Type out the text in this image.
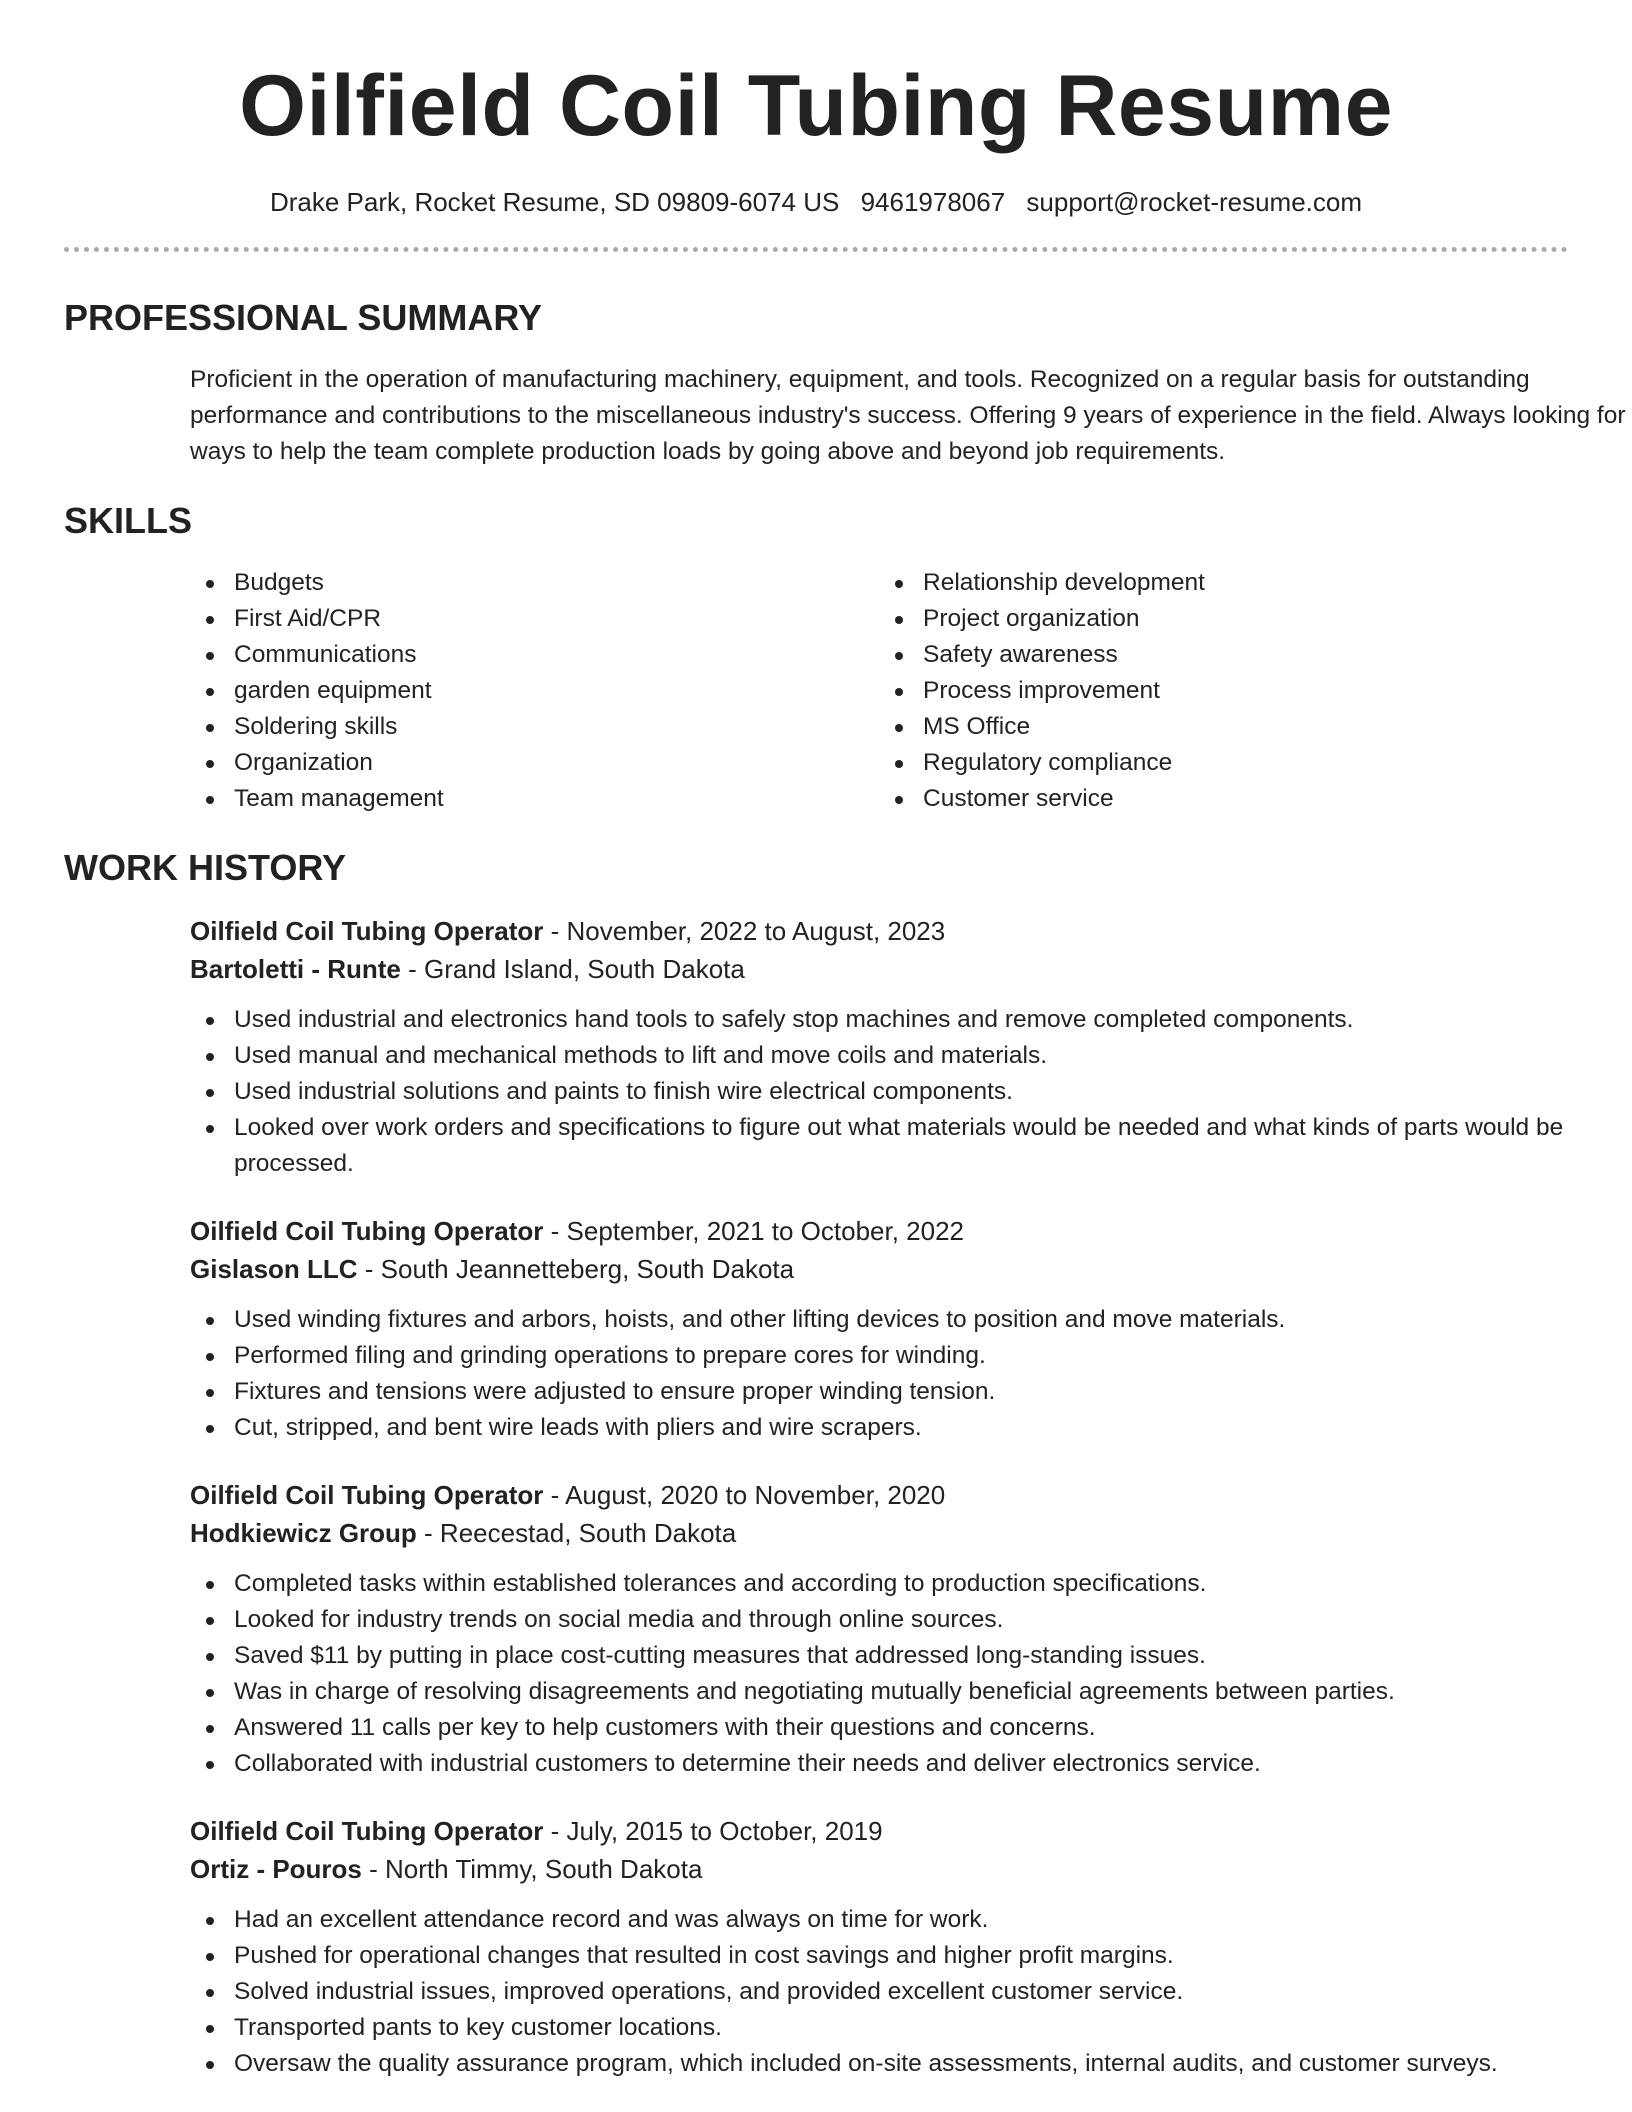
Oilfield Coil Tubing Resume
Drake Park, Rocket Resume, SD 09809-6074 US 9461978067 support@rocket-resume.com
PROFESSIONAL SUMMARY

Proficient in the operation of manufacturing machinery, equipment, and tools. Recognized on a regular basis for outstanding performance and contributions to the miscellaneous industry's success. Offering 9 years of experience in the field. Always looking for ways to help the team complete production loads by going above and beyond job requirements.

SKILLS
Budgets
First Aid/CPR
Communications
garden equipment
Soldering skills
Organization
Team management
Relationship development
Project organization
Safety awareness
Process improvement
MS Office
Regulatory compliance
Customer service
WORK HISTORY
Oilfield Coil Tubing Operator - November, 2022 to August, 2023
Bartoletti - Runte - Grand Island, South Dakota
Used industrial and electronics hand tools to safely stop machines and remove completed components.
Used manual and mechanical methods to lift and move coils and materials.
Used industrial solutions and paints to finish wire electrical components.
Looked over work orders and specifications to figure out what materials would be needed and what kinds of parts would be processed.
Oilfield Coil Tubing Operator - September, 2021 to October, 2022
Gislason LLC - South Jeannetteberg, South Dakota
Used winding fixtures and arbors, hoists, and other lifting devices to position and move materials.
Performed filing and grinding operations to prepare cores for winding.
Fixtures and tensions were adjusted to ensure proper winding tension.
Cut, stripped, and bent wire leads with pliers and wire scrapers.
Oilfield Coil Tubing Operator - August, 2020 to November, 2020
Hodkiewicz Group - Reecestad, South Dakota
Completed tasks within established tolerances and according to production specifications.
Looked for industry trends on social media and through online sources.
Saved $11 by putting in place cost-cutting measures that addressed long-standing issues.
Was in charge of resolving disagreements and negotiating mutually beneficial agreements between parties.
Answered 11 calls per key to help customers with their questions and concerns.
Collaborated with industrial customers to determine their needs and deliver electronics service.
Oilfield Coil Tubing Operator - July, 2015 to October, 2019
Ortiz - Pouros - North Timmy, South Dakota
Had an excellent attendance record and was always on time for work.
Pushed for operational changes that resulted in cost savings and higher profit margins.
Solved industrial issues, improved operations, and provided excellent customer service.
Transported pants to key customer locations.
Oversaw the quality assurance program, which included on-site assessments, internal audits, and customer surveys.
